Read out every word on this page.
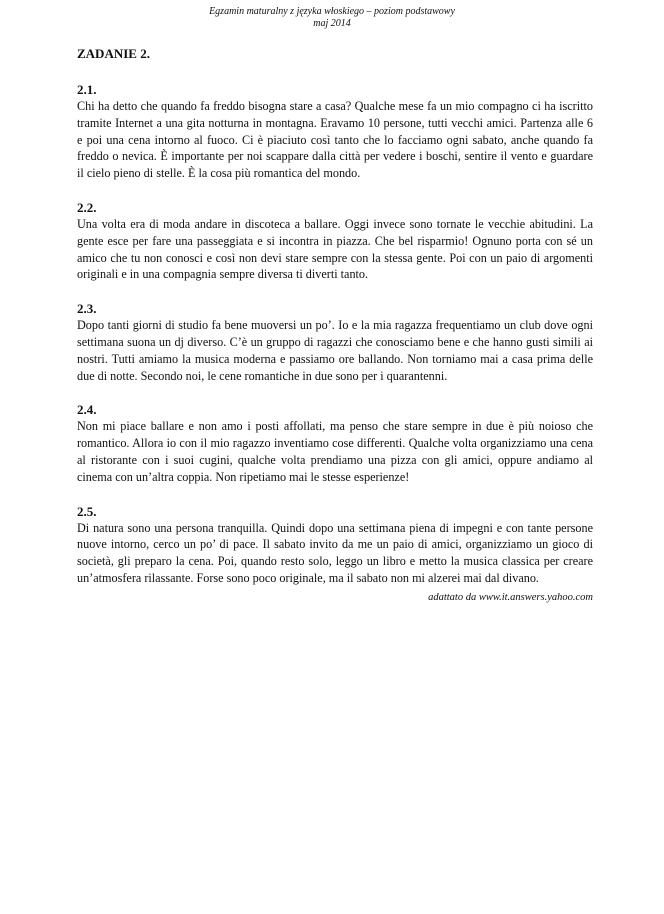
Egzamin maturalny z języka włoskiego – poziom podstawowy
maj 2014
ZADANIE 2.
2.1.

Chi ha detto che quando fa freddo bisogna stare a casa? Qualche mese fa un mio compagno ci ha iscritto tramite Internet a una gita notturna in montagna. Eravamo 10 persone, tutti vecchi amici. Partenza alle 6 e poi una cena intorno al fuoco. Ci è piaciuto così tanto che lo facciamo ogni sabato, anche quando fa freddo o nevica. È importante per noi scappare dalla città per vedere i boschi, sentire il vento e guardare il cielo pieno di stelle. È la cosa più romantica del mondo.

2.2.

Una volta era di moda andare in discoteca a ballare. Oggi invece sono tornate le vecchie abitudini. La gente esce per fare una passeggiata e si incontra in piazza. Che bel risparmio! Ognuno porta con sé un amico che tu non conosci e così non devi stare sempre con la stessa gente. Poi con un paio di argomenti originali e in una compagnia sempre diversa ti diverti tanto.

2.3.

Dopo tanti giorni di studio fa bene muoversi un po’. Io e la mia ragazza frequentiamo un club dove ogni settimana suona un dj diverso. C’è un gruppo di ragazzi che conosciamo bene e che hanno gusti simili ai nostri. Tutti amiamo la musica moderna e passiamo ore ballando. Non torniamo mai a casa prima delle due di notte. Secondo noi, le cene romantiche in due sono per i quarantenni.

2.4.

Non mi piace ballare e non amo i posti affollati, ma penso che stare sempre in due è più noioso che romantico. Allora io con il mio ragazzo inventiamo cose differenti. Qualche volta organizziamo una cena al ristorante con i suoi cugini, qualche volta prendiamo una pizza con gli amici, oppure andiamo al cinema con un’altra coppia. Non ripetiamo mai le stesse esperienze!

2.5.

Di natura sono una persona tranquilla. Quindi dopo una settimana piena di impegni e con tante persone nuove intorno, cerco un po’ di pace. Il sabato invito da me un paio di amici, organizziamo un gioco di società, gli preparo la cena. Poi, quando resto solo, leggo un libro e metto la musica classica per creare un’atmosfera rilassante. Forse sono poco originale, ma il sabato non mi alzerei mai dal divano.

adattato da www.it.answers.yahoo.com
